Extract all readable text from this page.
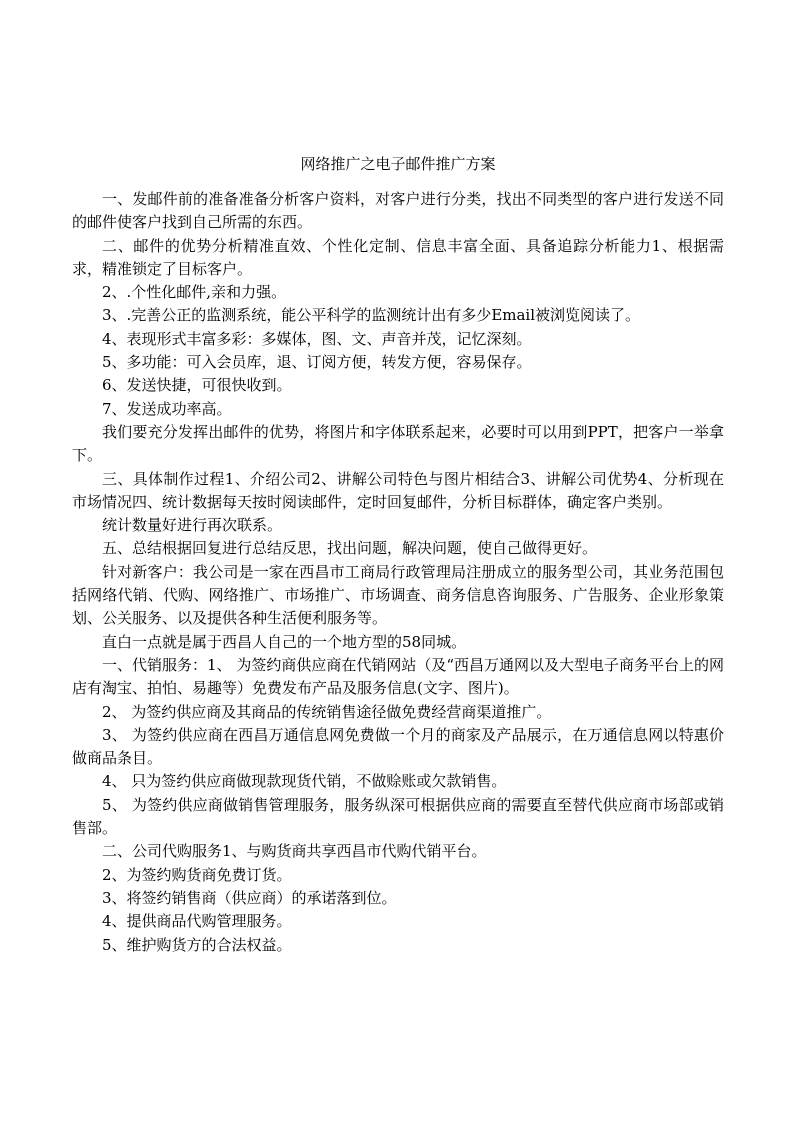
网络推广之电子邮件推广方案

一、发邮件前的准备准备分析客户资料，对客户进行分类，找出不同类型的客户进行发送不同的邮件使客户找到自己所需的东西。

二、邮件的优势分析精准直效、个性化定制、信息丰富全面、具备追踪分析能力1、根据需求，精准锁定了目标客户。

2、.个性化邮件,亲和力强。

3、.完善公正的监测系统，能公平科学的监测统计出有多少Email被浏览阅读了。

4、表现形式丰富多彩：多媒体，图、文、声音并茂，记忆深刻。

5、多功能：可入会员库，退、订阅方便，转发方便，容易保存。

6、发送快捷，可很快收到。

7、发送成功率高。

我们要充分发挥出邮件的优势，将图片和字体联系起来，必要时可以用到PPT，把客户一举拿下。

三、具体制作过程1、介绍公司2、讲解公司特色与图片相结合3、讲解公司优势4、分析现在市场情况四、统计数据每天按时阅读邮件，定时回复邮件，分析目标群体，确定客户类别。

统计数量好进行再次联系。

五、总结根据回复进行总结反思，找出问题，解决问题，使自己做得更好。

针对新客户：我公司是一家在西昌市工商局行政管理局注册成立的服务型公司，其业务范围包括网络代销、代购、网络推广、市场推广、市场调查、商务信息咨询服务、广告服务、企业形象策划、公关服务、以及提供各种生活便利服务等。

直白一点就是属于西昌人自己的一个地方型的58同城。

一、代销服务：1、 为签约商供应商在代销网站（及“西昌万通网以及大型电子商务平台上的网店有淘宝、拍怕、易趣等）免费发布产品及服务信息(文字、图片)。

2、 为签约供应商及其商品的传统销售途径做免费经营商渠道推广。

3、 为签约供应商在西昌万通信息网免费做一个月的商家及产品展示，在万通信息网以特惠价做商品条目。

4、 只为签约供应商做现款现货代销，不做赊账或欠款销售。

5、 为签约供应商做销售管理服务，服务纵深可根据供应商的需要直至替代供应商市场部或销售部。

二、公司代购服务1、与购货商共享西昌市代购代销平台。

2、为签约购货商免费订货。

3、将签约销售商（供应商）的承诺落到位。

4、提供商品代购管理服务。

5、维护购货方的合法权益。
